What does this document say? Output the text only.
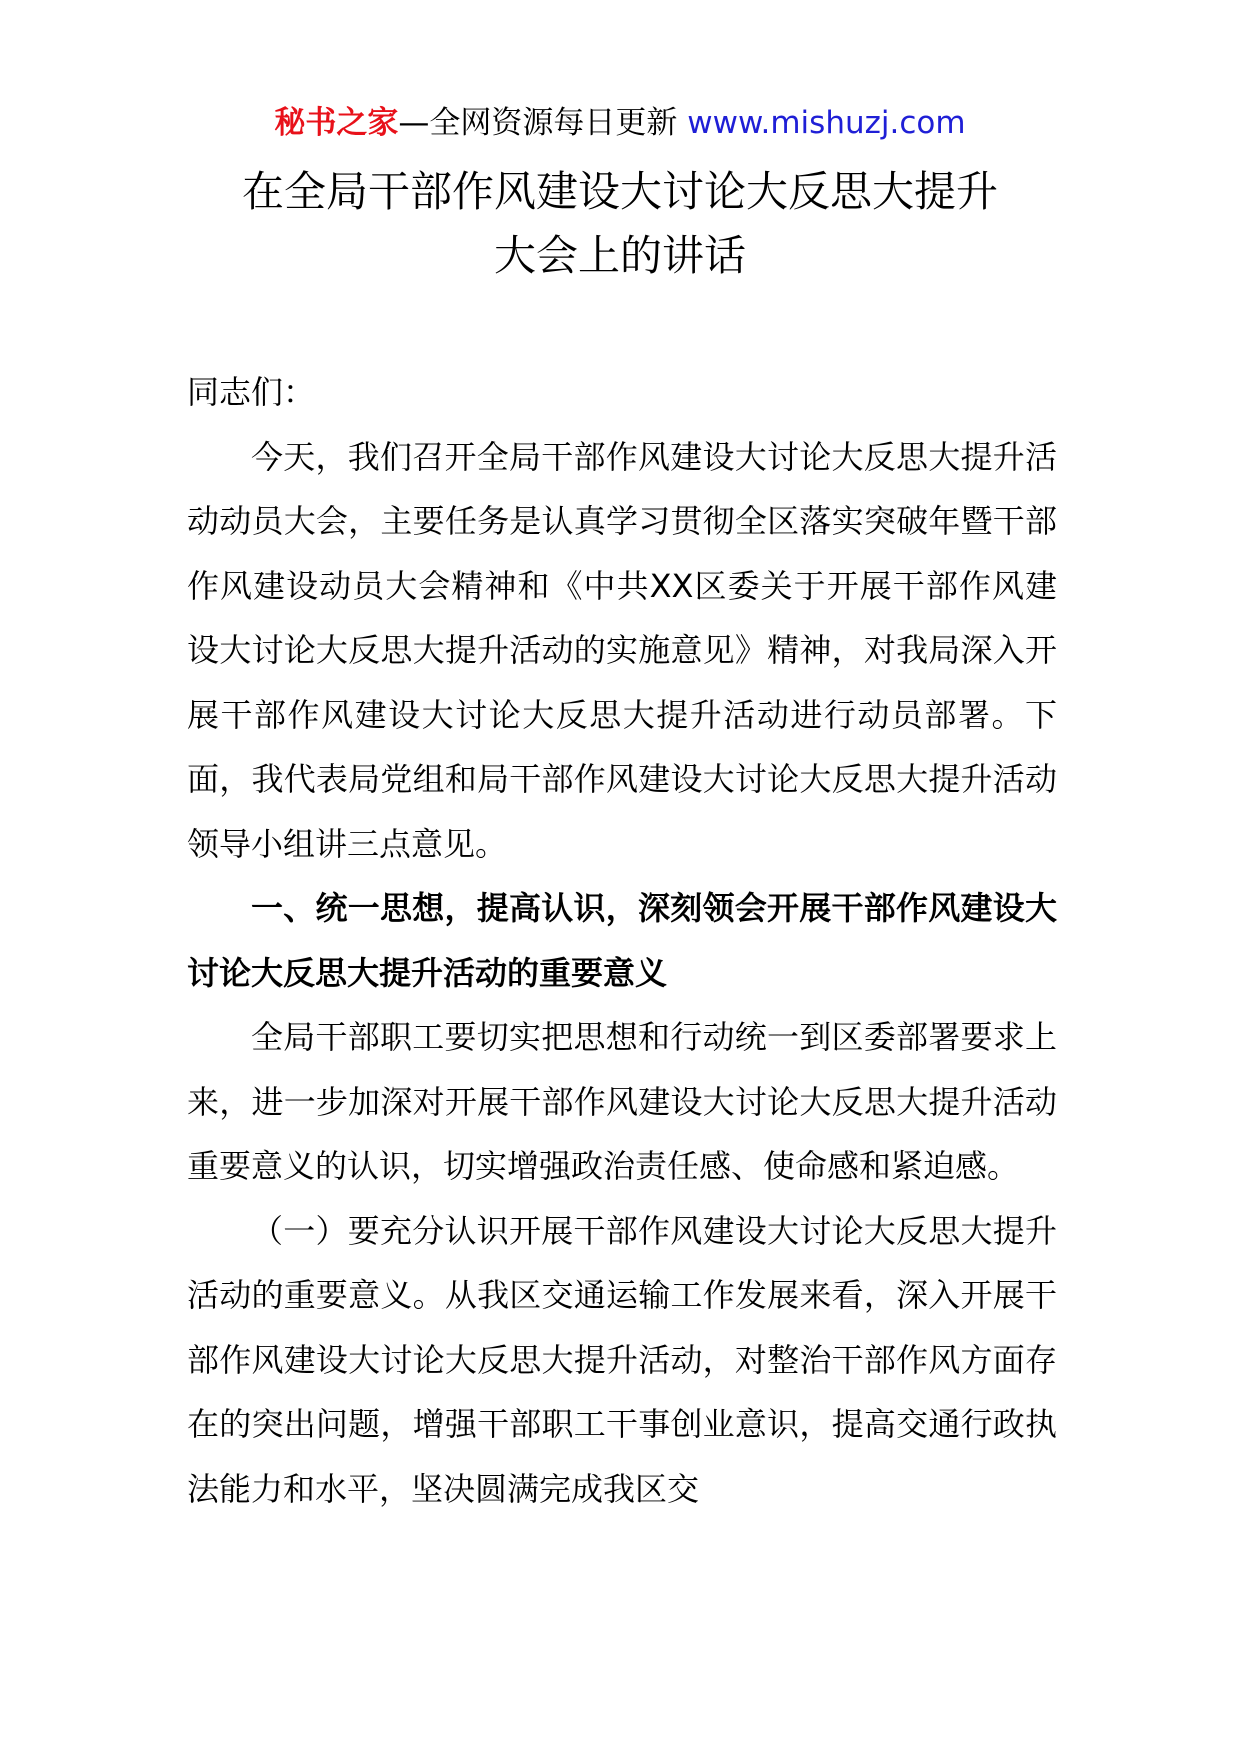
秘书之家—全网资源每日更新 www.mishuzj.com
在全局干部作风建设大讨论大反思大提升
大会上的讲话

同志们：

今天，我们召开全局干部作风建设大讨论大反思大提升活动动员大会，主要任务是认真学习贯彻全区落实突破年暨干部作风建设动员大会精神和《中共XX区委关于开展干部作风建设大讨论大反思大提升活动的实施意见》精神，对我局深入开展干部作风建设大讨论大反思大提升活动进行动员部署。下面，我代表局党组和局干部作风建设大讨论大反思大提升活动领导小组讲三点意见。

一、统一思想，提高认识，深刻领会开展干部作风建设大讨论大反思大提升活动的重要意义

全局干部职工要切实把思想和行动统一到区委部署要求上来，进一步加深对开展干部作风建设大讨论大反思大提升活动重要意义的认识，切实增强政治责任感、使命感和紧迫感。

（一）要充分认识开展干部作风建设大讨论大反思大提升活动的重要意义。从我区交通运输工作发展来看，深入开展干部作风建设大讨论大反思大提升活动，对整治干部作风方面存在的突出问题，增强干部职工干事创业意识，提高交通行政执法能力和水平，坚决圆满完成我区交
